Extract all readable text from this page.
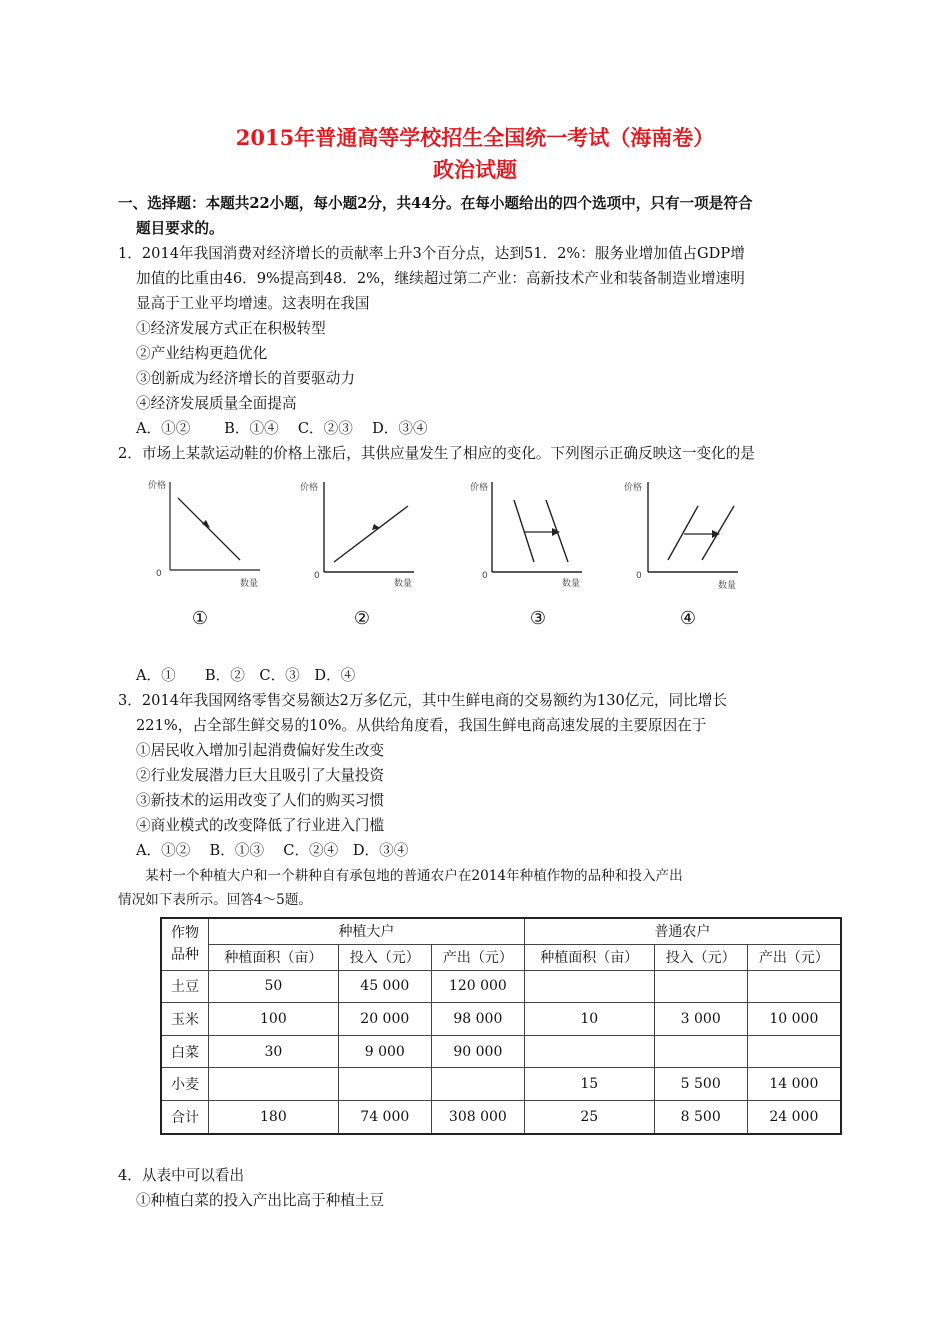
2015年普通高等学校招生全国统一考试（海南卷）
政治试题
一、选择题：本题共22小题，每小题2分，共44分。在每小题给出的四个选项中，只有一项是符合
题目要求的。
1．2014年我国消费对经济增长的贡献率上升3个百分点，达到51．2%：服务业增加值占GDP增
加值的比重由46．9%提高到48．2%，继续超过第二产业：高新技术产业和装备制造业增速明
显高于工业平均增速。这表明在我国
①经济发展方式正在积极转型
②产业结构更趋优化
③创新成为经济增长的首要驱动力
④经济发展质量全面提高
A．①②　　 B．①④　 C．②③　 D．③④
2．市场上某款运动鞋的价格上涨后，其供应量发生了相应的变化。下列图示正确反映这一变化的是
价格
0
数量
①
价格
0
数量
②
价格
0
数量
③
价格
0
数量
④
A．①　　B．②　C．③　D．④
3．2014年我国网络零售交易额达2万多亿元，其中生鲜电商的交易额约为130亿元，同比增长
221%，占全部生鲜交易的10%。从供给角度看，我国生鲜电商高速发展的主要原因在于
①居民收入增加引起消费偏好发生改变
②行业发展潜力巨大且吸引了大量投资
③新技术的运用改变了人们的购买习惯
④商业模式的改变降低了行业进入门槛
A．①②　 B．①③　 C．②④　D．③④
　　某村一个种植大户和一个耕种自有承包地的普通农户在2014年种植作物的品种和投入产出
情况如下表所示。回答4～5题。
作物
品种	种植大户			普通农户		
	种植面积（亩）	投入（元）	产出（元）	种植面积（亩）	投入（元）	产出（元）
土豆	50	45 000	120 000			
玉米	100	20 000	98 000	10	3 000	10 000
白菜	30	9 000	90 000			
小麦				15	5 500	14 000
合计	180	74 000	308 000	25	8 500	24 000
4．从表中可以看出
①种植白菜的投入产出比高于种植土豆
